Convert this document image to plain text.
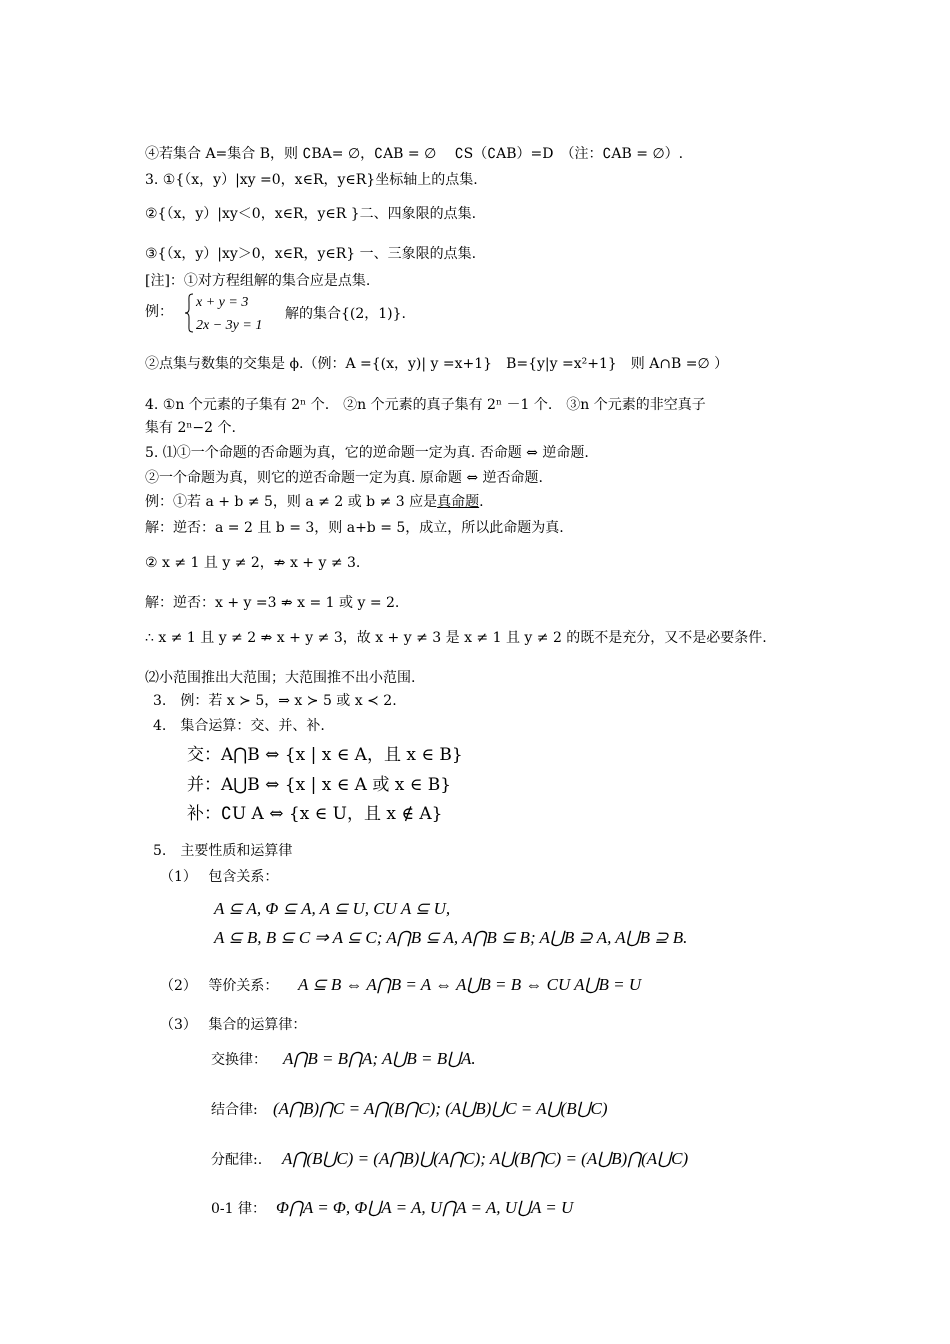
④若集合 A=集合 B，则 ∁BA= ∅，∁AB = ∅　 ∁S（∁AB）=D　（注：∁AB = ∅）.
3. ①{（x，y）|xy =0，x∈R，y∈R}坐标轴上的点集.
②{（x，y）|xy＜0，x∈R，y∈R }二、四象限的点集.
③{（x，y）|xy＞0，x∈R，y∈R} 一、三象限的点集.
[注]：①对方程组解的集合应是点集.
例：
x + y = 3
2x − 3y = 1
解的集合{(2，1)}.
②点集与数集的交集是 ϕ.（例：A ={(x，y)| y =x+1}　B={y|y =x²+1}　则 A∩B =∅ ）
4. ①n 个元素的子集有 2ⁿ 个.　②n 个元素的真子集有 2ⁿ －1 个.　③n 个元素的非空真子
集有 2ⁿ−2 个.
5. ⑴①一个命题的否命题为真，它的逆命题一定为真. 否命题 ⇔ 逆命题.
②一个命题为真，则它的逆否命题一定为真. 原命题 ⇔ 逆否命题.
例：①若 a + b ≠ 5，则 a ≠ 2 或 b ≠ 3 应是真命题.
解：逆否：a = 2 且 b = 3，则 a+b = 5，成立，所以此命题为真.
② x ≠ 1 且 y ≠ 2，⇏ x + y ≠ 3.
解：逆否：x + y =3 ⇏ x = 1 或 y = 2.
∴ x ≠ 1 且 y ≠ 2 ⇏ x + y ≠ 3，故 x + y ≠ 3 是 x ≠ 1 且 y ≠ 2 的既不是充分，又不是必要条件.
⑵小范围推出大范围；大范围推不出小范围.
3.　例：若 x ≻ 5，⇒ x ≻ 5 或 x ≺ 2.
4.　集合运算：交、并、补.
交：A⋂B ⇔ {x | x ∈ A，且 x ∈ B}
并：A⋃B ⇔ {x | x ∈ A 或 x ∈ B}
补：∁U A ⇔ {x ∈ U，且 x ∉ A}
5.　主要性质和运算律
（1）　 包含关系：
A ⊆ A, Φ ⊆ A, A ⊆ U, CU A ⊆ U,
A ⊆ B, B ⊆ C ⇒ A ⊆ C; A⋂B ⊆ A, A⋂B ⊆ B; A⋃B ⊇ A, A⋃B ⊇ B.
（2）　 等价关系： A ⊆ B ⇔ A⋂B = A ⇔ A⋃B = B ⇔ CU A⋃B = U
（3）　 集合的运算律：
交换律： A⋂B = B⋂A; A⋃B = B⋃A.
结合律: (A⋂B)⋂C = A⋂(B⋂C); (A⋃B)⋃C = A⋃(B⋃C)
分配律:. A⋂(B⋃C) = (A⋂B)⋃(A⋂C); A⋃(B⋂C) = (A⋃B)⋂(A⋃C)
0-1 律： Φ⋂A = Φ, Φ⋃A = A, U⋂A = A, U⋃A = U
